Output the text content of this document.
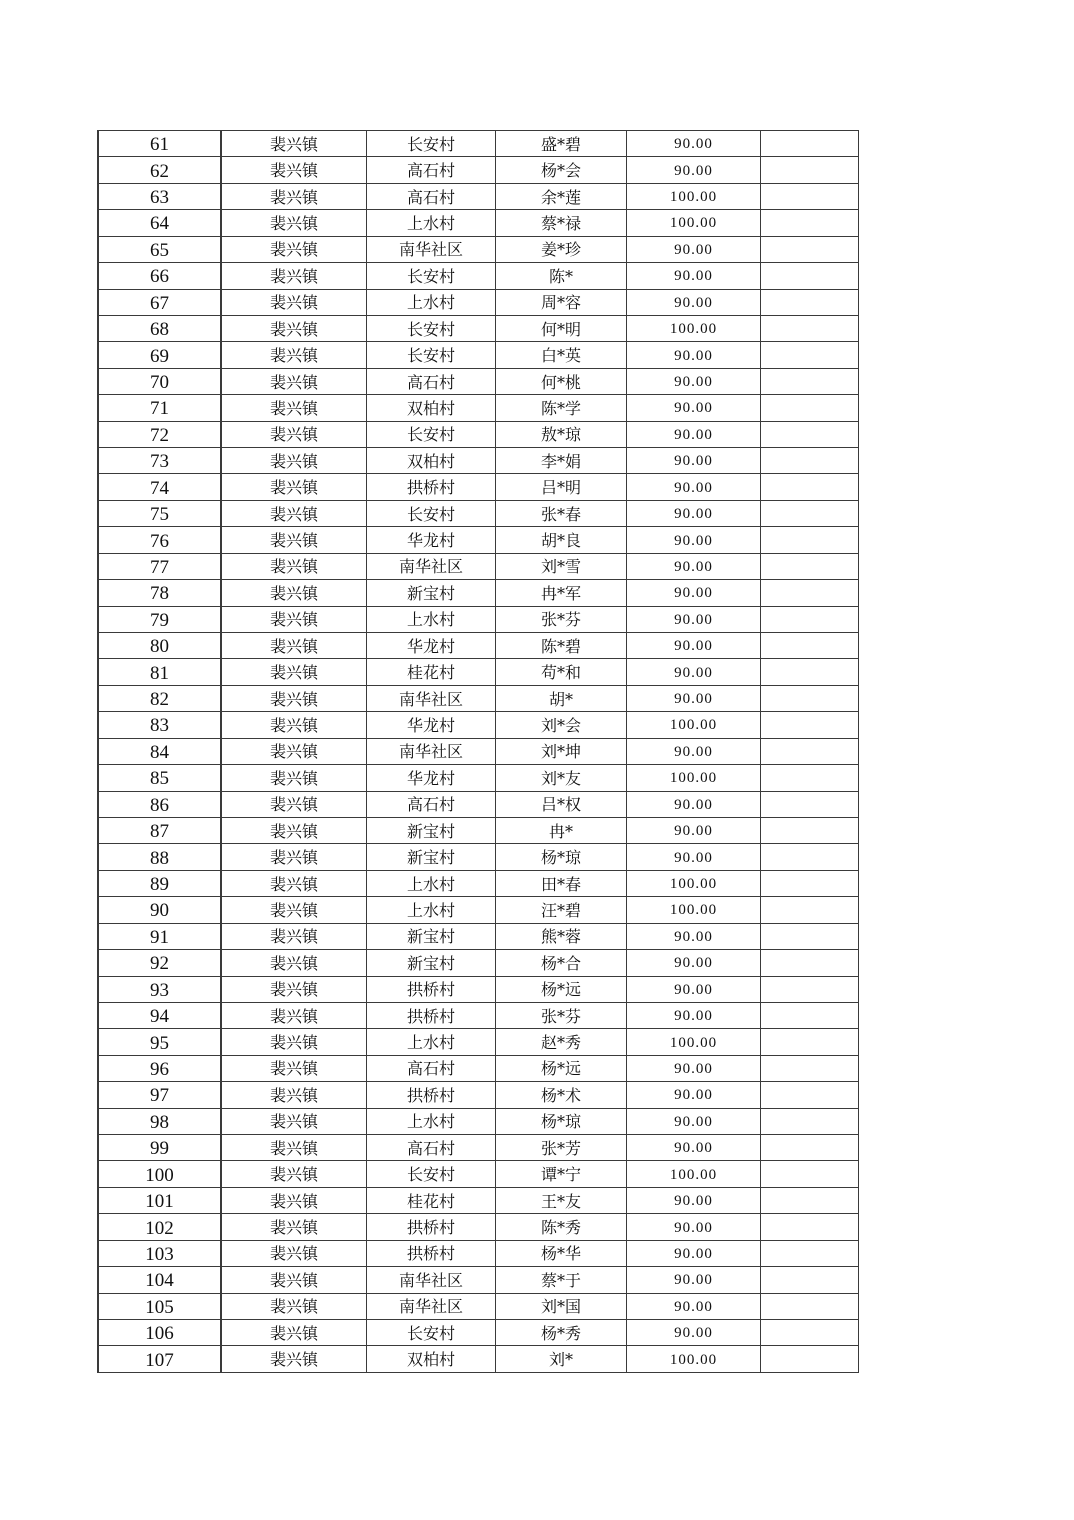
61	裴兴镇	长安村	盛*碧	90.00
62	裴兴镇	高石村	杨*会	90.00
63	裴兴镇	高石村	余*莲	100.00
64	裴兴镇	上水村	蔡*禄	100.00
65	裴兴镇	南华社区	姜*珍	90.00
66	裴兴镇	长安村	陈*	90.00
67	裴兴镇	上水村	周*容	90.00
68	裴兴镇	长安村	何*明	100.00
69	裴兴镇	长安村	白*英	90.00
70	裴兴镇	高石村	何*桃	90.00
71	裴兴镇	双柏村	陈*学	90.00
72	裴兴镇	长安村	敖*琼	90.00
73	裴兴镇	双柏村	李*娟	90.00
74	裴兴镇	拱桥村	吕*明	90.00
75	裴兴镇	长安村	张*春	90.00
76	裴兴镇	华龙村	胡*良	90.00
77	裴兴镇	南华社区	刘*雪	90.00
78	裴兴镇	新宝村	冉*军	90.00
79	裴兴镇	上水村	张*芬	90.00
80	裴兴镇	华龙村	陈*碧	90.00
81	裴兴镇	桂花村	苟*和	90.00
82	裴兴镇	南华社区	胡*	90.00
83	裴兴镇	华龙村	刘*会	100.00
84	裴兴镇	南华社区	刘*坤	90.00
85	裴兴镇	华龙村	刘*友	100.00
86	裴兴镇	高石村	吕*权	90.00
87	裴兴镇	新宝村	冉*	90.00
88	裴兴镇	新宝村	杨*琼	90.00
89	裴兴镇	上水村	田*春	100.00
90	裴兴镇	上水村	汪*碧	100.00
91	裴兴镇	新宝村	熊*蓉	90.00
92	裴兴镇	新宝村	杨*合	90.00
93	裴兴镇	拱桥村	杨*远	90.00
94	裴兴镇	拱桥村	张*芬	90.00
95	裴兴镇	上水村	赵*秀	100.00
96	裴兴镇	高石村	杨*远	90.00
97	裴兴镇	拱桥村	杨*术	90.00
98	裴兴镇	上水村	杨*琼	90.00
99	裴兴镇	高石村	张*芳	90.00
100	裴兴镇	长安村	谭*宁	100.00
101	裴兴镇	桂花村	王*友	90.00
102	裴兴镇	拱桥村	陈*秀	90.00
103	裴兴镇	拱桥村	杨*华	90.00
104	裴兴镇	南华社区	蔡*于	90.00
105	裴兴镇	南华社区	刘*国	90.00
106	裴兴镇	长安村	杨*秀	90.00
107	裴兴镇	双柏村	刘*	100.00
